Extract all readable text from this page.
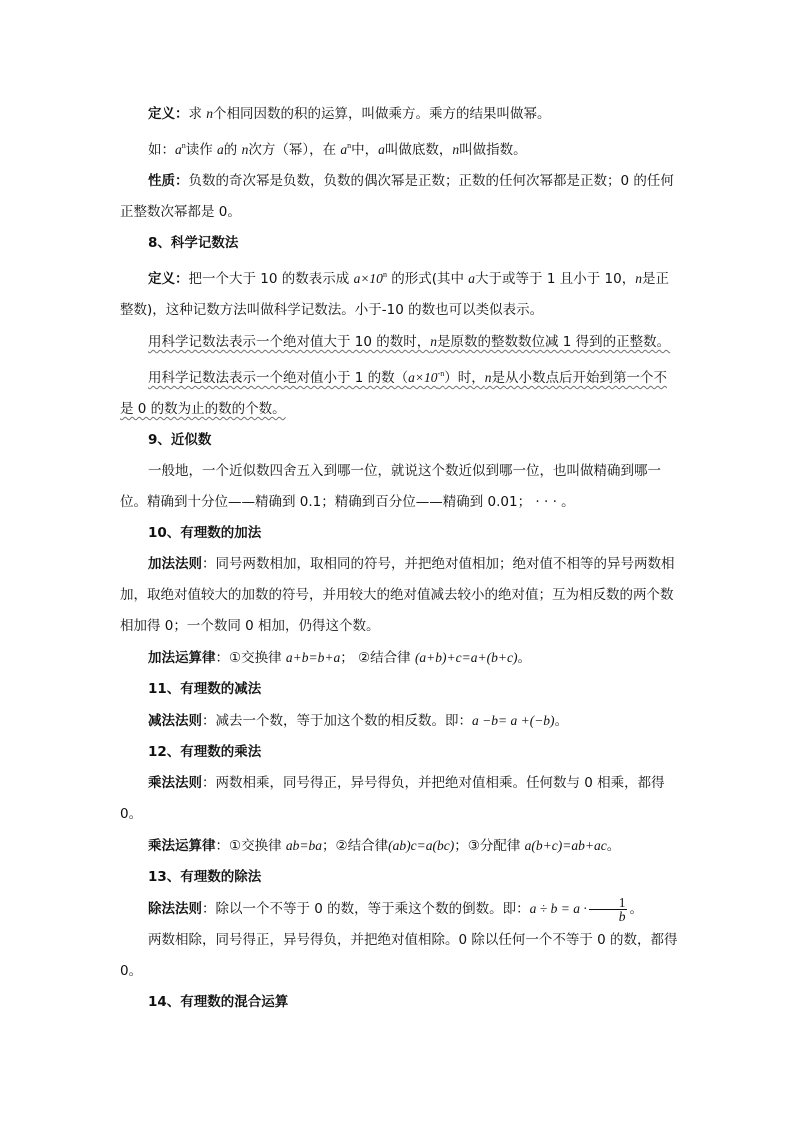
定义：求 n个相同因数的积的运算，叫做乘方。乘方的结果叫做幂。

如：$a^n$读作 a的 n次方（幂），在 $a^n$中，a叫做底数，n叫做指数。

性质：负数的奇次幂是负数，负数的偶次幂是正数；正数的任何次幂都是正数；0 的任何正整数次幂都是 0。

8、科学记数法

定义：把一个大于 10 的数表示成 $a\times 10^n$ 的形式(其中 a大于或等于 1 且小于 10，n是正整数)，这种记数方法叫做科学记数法。小于-10 的数也可以类似表示。

用科学记数法表示一个绝对值大于 10 的数时，n是原数的整数数位减 1 得到的正整数。

用科学记数法表示一个绝对值小于 1 的数$(a\times 10^{-n})$时，n是从小数点后开始到第一个不是 0 的数为止的数的个数。

9、近似数

一般地，一个近似数四舍五入到哪一位，就说这个数近似到哪一位，也叫做精确到哪一位。精确到十分位——精确到 0.1；精确到百分位——精确到 0.01； · · · 。

10、有理数的加法

加法法则：同号两数相加，取相同的符号，并把绝对值相加；绝对值不相等的异号两数相加，取绝对值较大的加数的符号，并用较大的绝对值减去较小的绝对值；互为相反数的两个数相加得 0；一个数同 0 相加，仍得这个数。

加法运算律：①交换律 a+b=b+a； ②结合律 (a+b)+c=a+(b+c)。

11、有理数的减法

减法法则：减去一个数，等于加这个数的相反数。即：a −b= a +(−b)。

12、有理数的乘法

乘法法则：两数相乘，同号得正，异号得负，并把绝对值相乘。任何数与 0 相乘，都得 0。

乘法运算律：①交换律 ab=ba；②结合律(ab)c=a(bc)；③分配律 a(b+c)=ab+ac。

13、有理数的除法

除法法则：除以一个不等于 0 的数，等于乘这个数的倒数。即：$a \div b = a \cdot \frac{1}{b}$ 。

两数相除，同号得正，异号得负，并把绝对值相除。0 除以任何一个不等于 0 的数，都得 0。

14、有理数的混合运算
